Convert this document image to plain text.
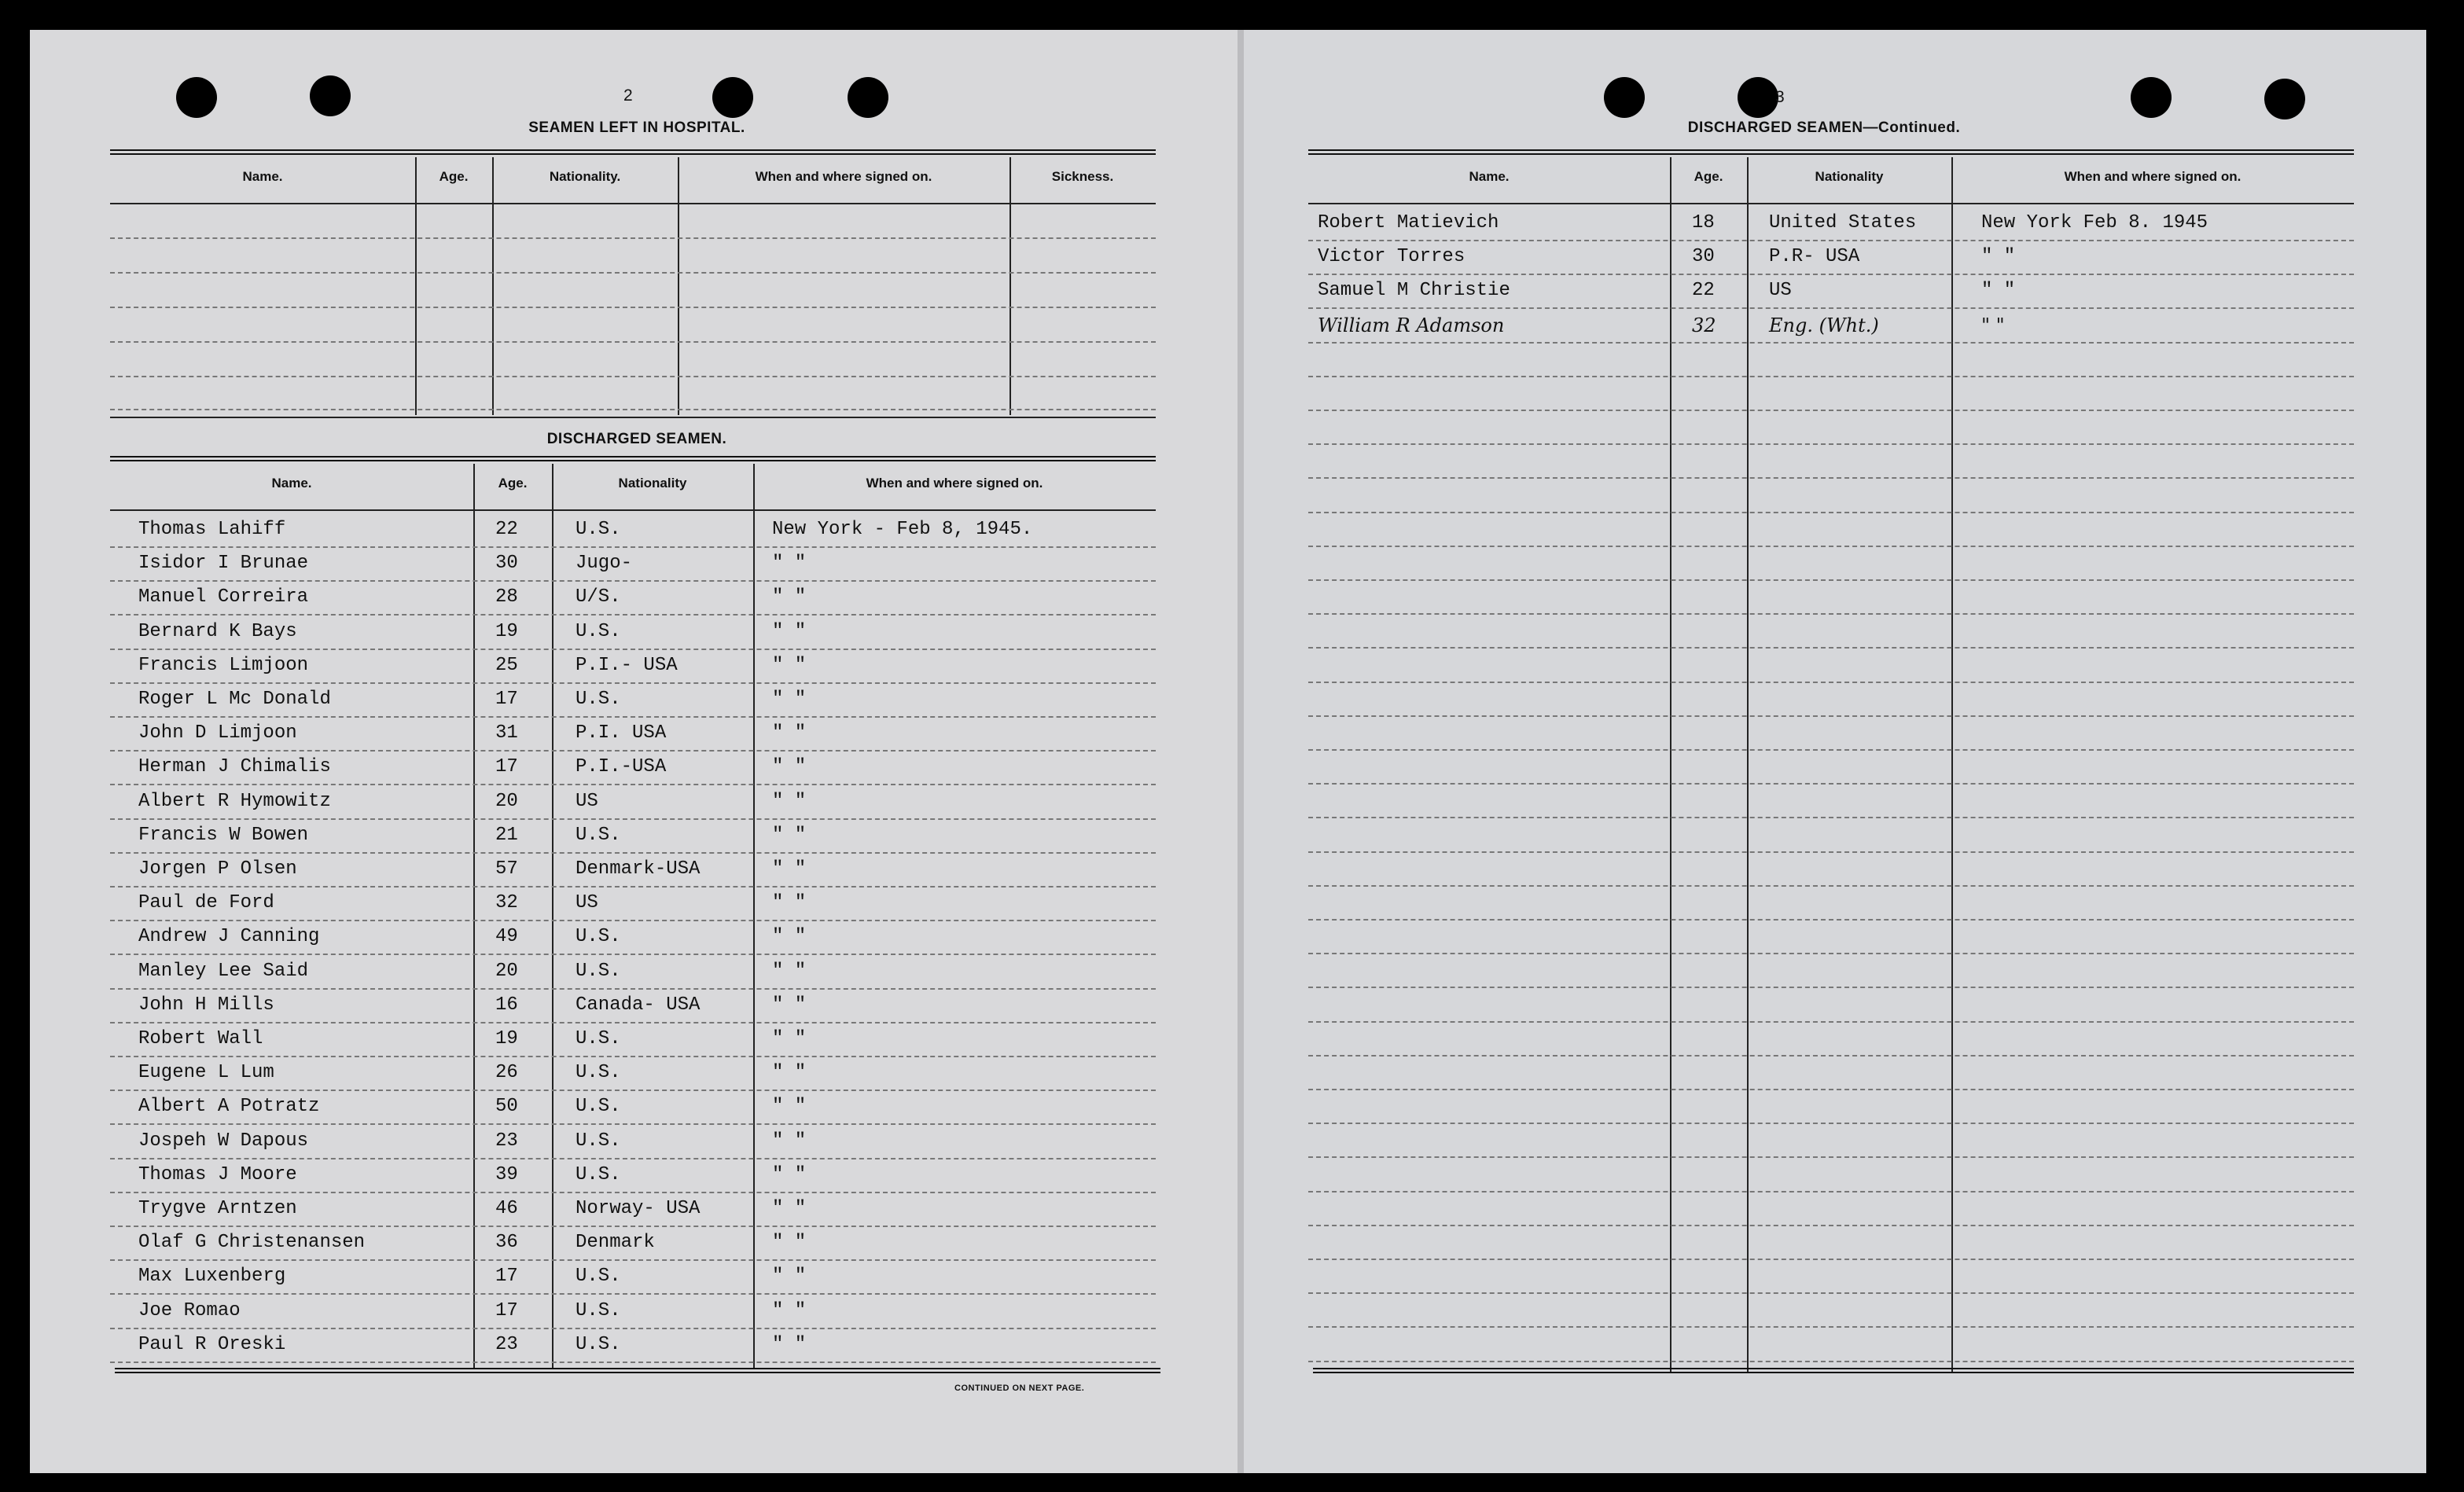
2
SEAMEN LEFT IN HOSPITAL.
Name.	Age.	Nationality.	When and where signed on.	Sickness.
DISCHARGED SEAMEN.
Name.	Age.	Nationality	When and where signed on.
Thomas Lahiff	22	U.S.	New York - Feb 8, 1945.
Isidor I Brunae	30	Jugo-	" "
Manuel Correira	28	U/S.	" "
Bernard K Bays	19	U.S.	" "
Francis Limjoon	25	P.I.- USA	" "
Roger L Mc Donald	17	U.S.	" "
John D Limjoon	31	P.I. USA	" "
Herman J Chimalis	17	P.I.-USA	" "
Albert R Hymowitz	20	US	" "
Francis W Bowen	21	U.S.	" "
Jorgen P Olsen	57	Denmark-USA	" "
Paul de Ford	32	US	" "
Andrew J Canning	49	U.S.	" "
Manley Lee Said	20	U.S.	" "
John H Mills	16	Canada- USA	" "
Robert Wall	19	U.S.	" "
Eugene L Lum	26	U.S.	" "
Albert A Potratz	50	U.S.	" "
Jospeh W Dapous	23	U.S.	" "
Thomas J Moore	39	U.S.	" "
Trygve Arntzen	46	Norway- USA	" "
Olaf G Christenansen	36	Denmark	" "
Max Luxenberg	17	U.S.	" "
Joe Romao	17	U.S.	" "
Paul R Oreski	23	U.S.	" "
CONTINUED ON NEXT PAGE.
3
DISCHARGED SEAMEN—Continued.
Name.	Age.	Nationality	When and where signed on.
Robert Matievich	18	United States	New York Feb 8. 1945
Victor Torres	30	P.R- USA	" "
Samuel M Christie	22	US	" "
William R Adamson	32	Eng. (Wht.)	" "
